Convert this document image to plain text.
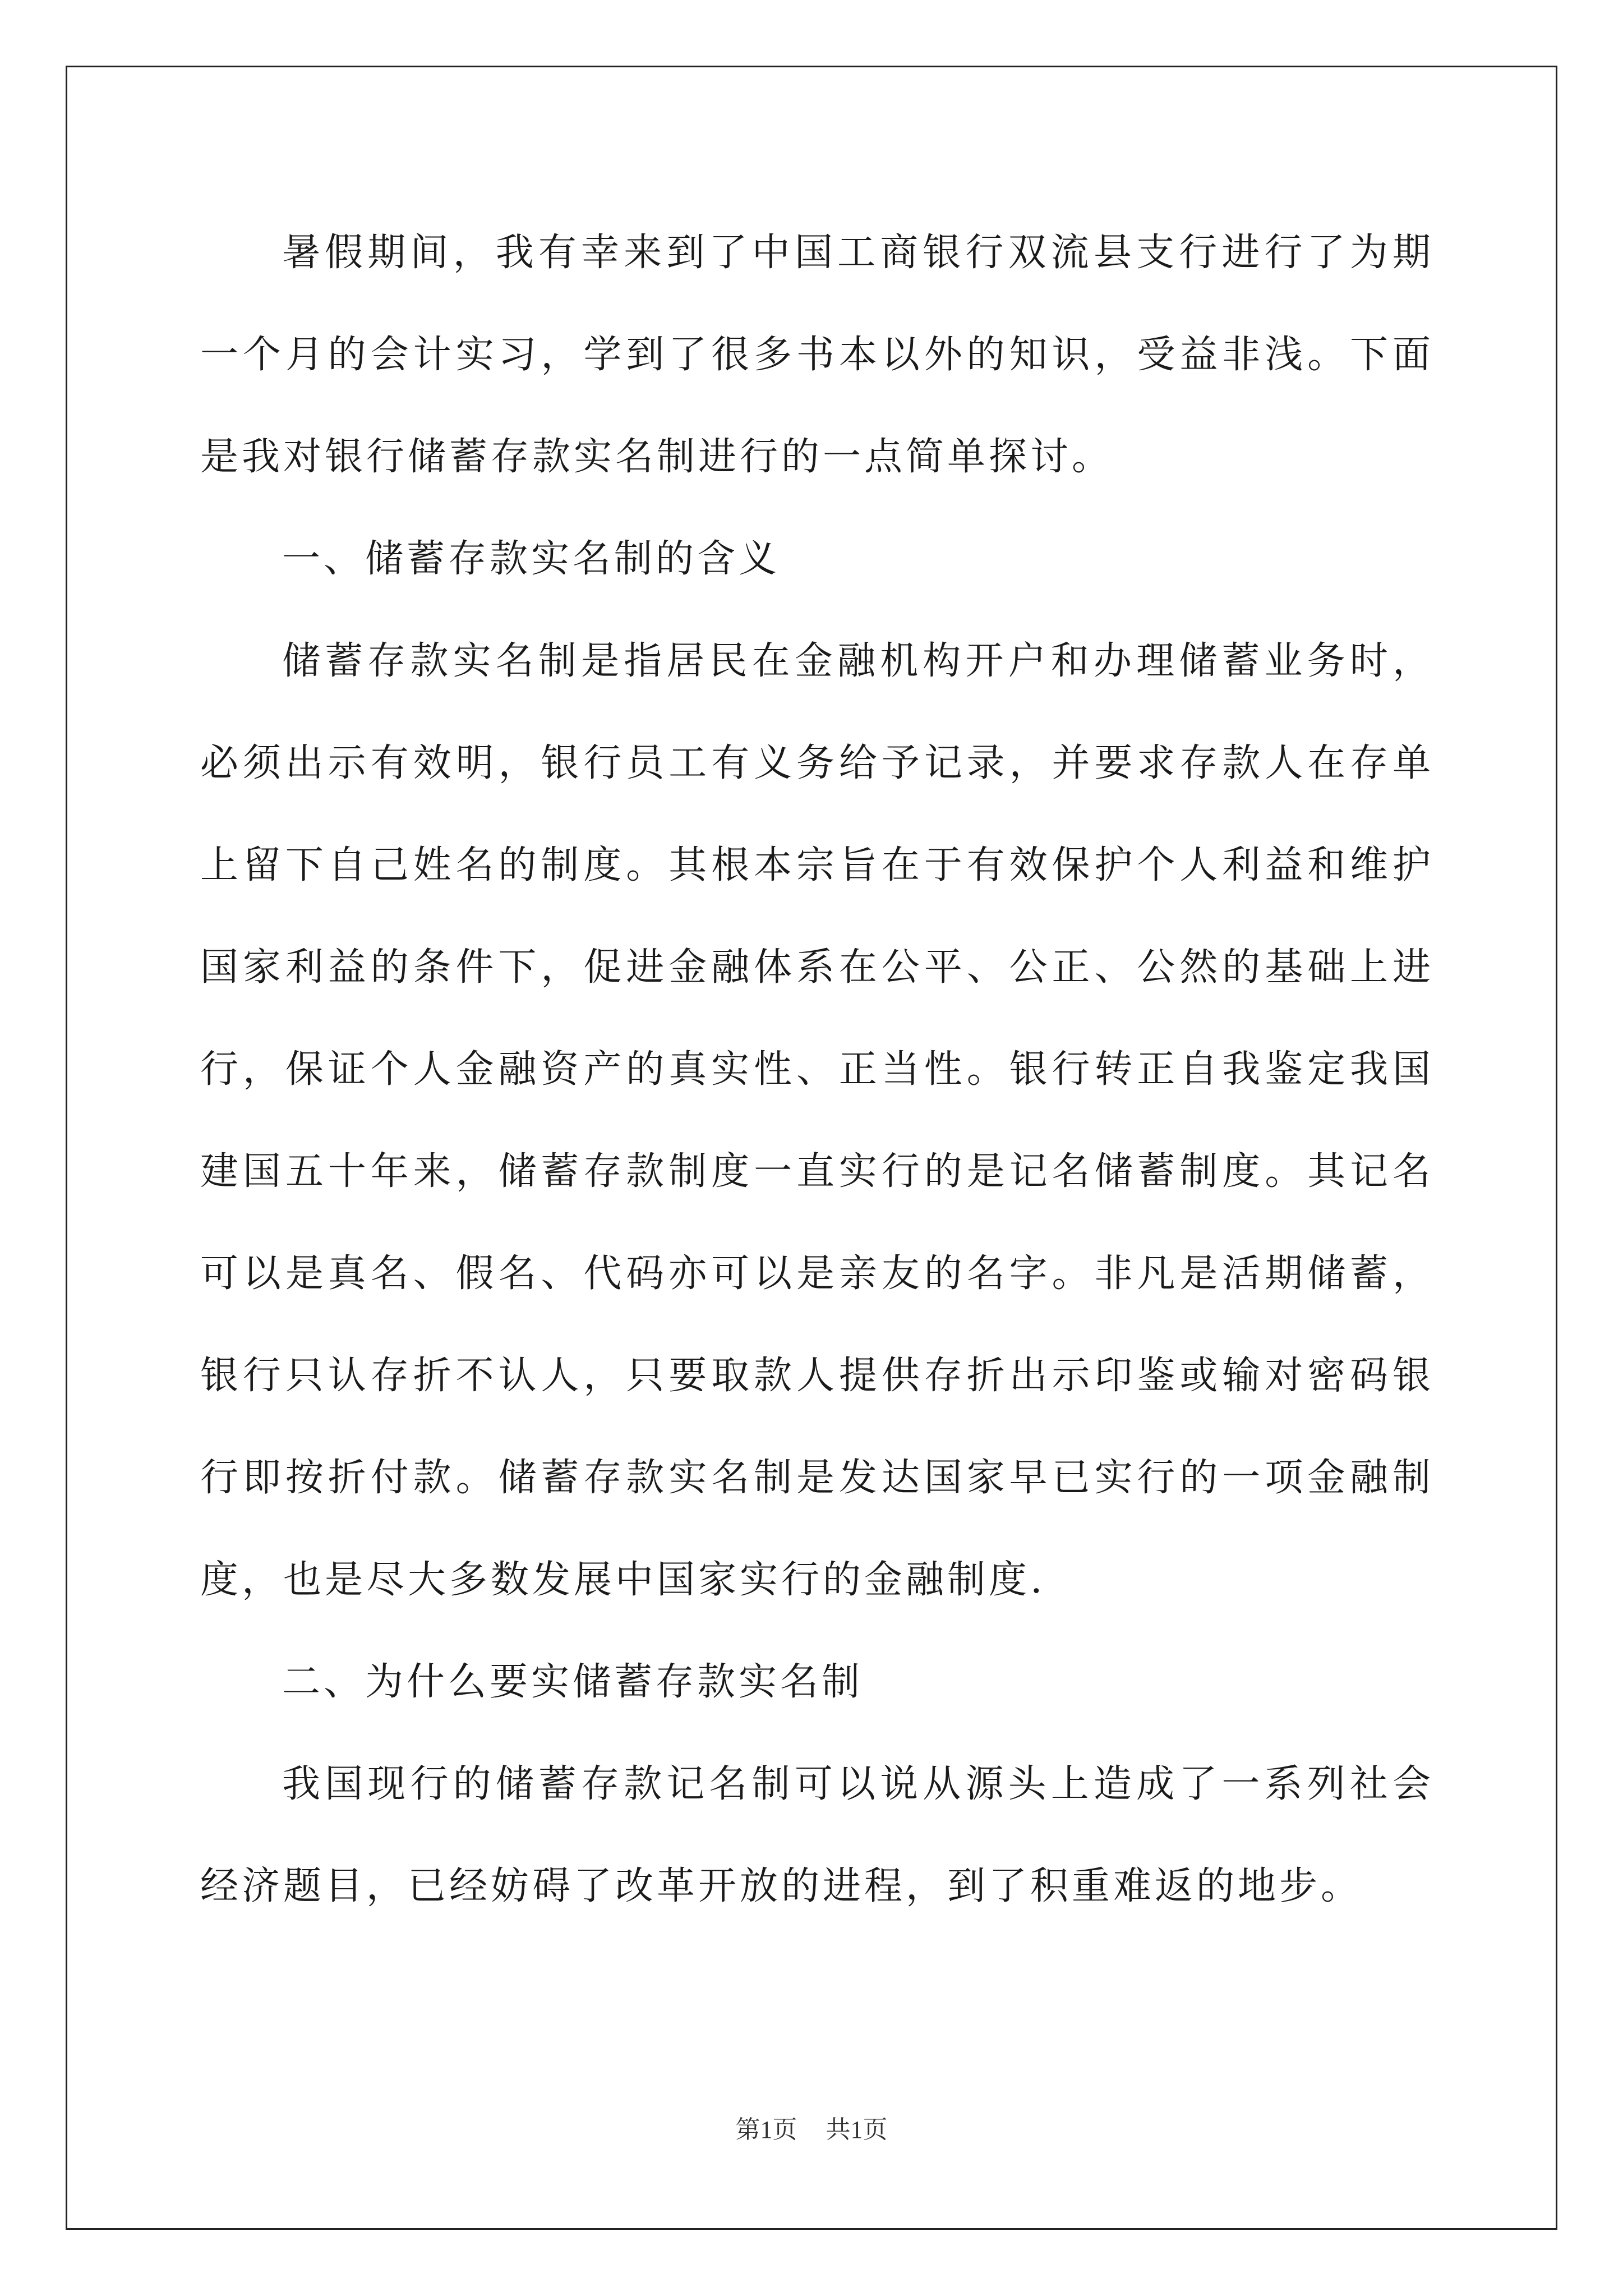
暑假期间，我有幸来到了中国工商银行双流县支行进行了为期一个月的会计实习，学到了很多书本以外的知识，受益非浅。下面是我对银行储蓄存款实名制进行的一点简单探讨。

一、储蓄存款实名制的含义

储蓄存款实名制是指居民在金融机构开户和办理储蓄业务时，必须出示有效明，银行员工有义务给予记录，并要求存款人在存单上留下自己姓名的制度。其根本宗旨在于有效保护个人利益和维护国家利益的条件下，促进金融体系在公平、公正、公然的基础上进行，保证个人金融资产的真实性、正当性。银行转正自我鉴定我国建国五十年来，储蓄存款制度一直实行的是记名储蓄制度。其记名可以是真名、假名、代码亦可以是亲友的名字。非凡是活期储蓄，银行只认存折不认人，只要取款人提供存折出示印鉴或输对密码银行即按折付款。储蓄存款实名制是发达国家早已实行的一项金融制度，也是尽大多数发展中国家实行的金融制度.

二、为什么要实储蓄存款实名制

我国现行的储蓄存款记名制可以说从源头上造成了一系列社会经济题目，已经妨碍了改革开放的进程，到了积重难返的地步。

第1页 共1页
